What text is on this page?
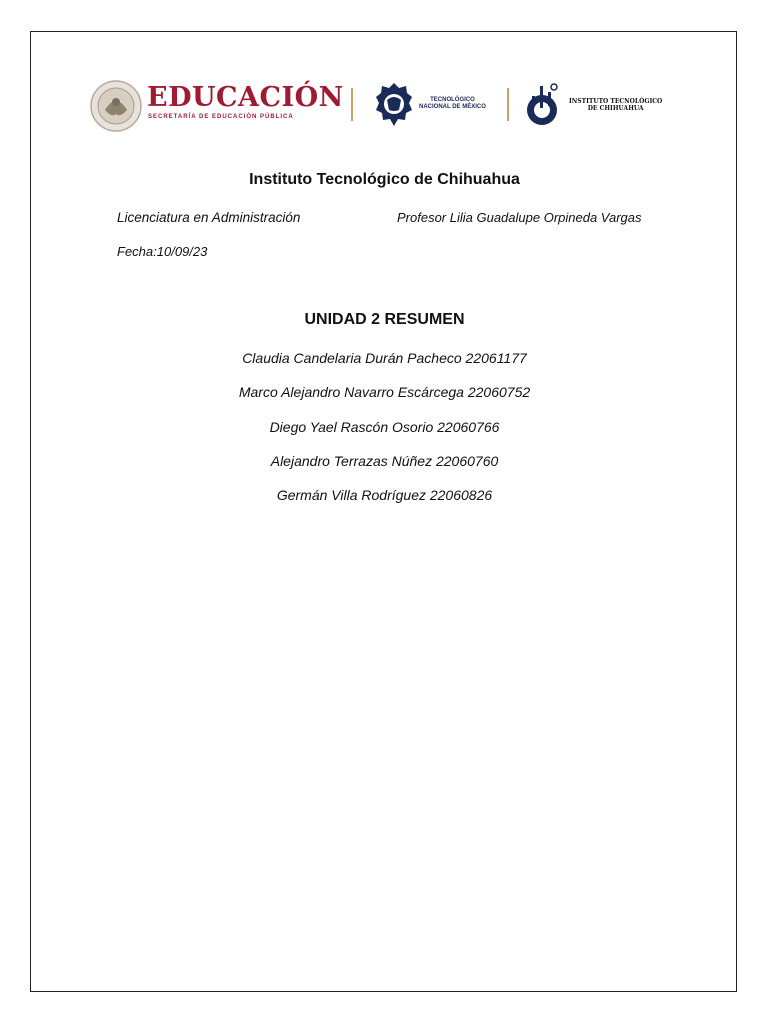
EDUCACIÓN
SECRETARÍA DE EDUCACIÓN PÚBLICA
TECNOLÓGICO
NACIONAL DE MÉXICO
INSTITUTO TECNOLÓGICO
DE CHIHUAHUA
Instituto Tecnológico de Chihuahua
Licenciatura en Administración	Profesor Lilia Guadalupe Orpineda Vargas
Fecha:10/09/23
UNIDAD 2 RESUMEN
Claudia Candelaria Durán Pacheco 22061177
Marco Alejandro Navarro Escárcega 22060752
Diego Yael Rascón Osorio 22060766
Alejandro Terrazas Núñez 22060760
Germán Villa Rodríguez 22060826
